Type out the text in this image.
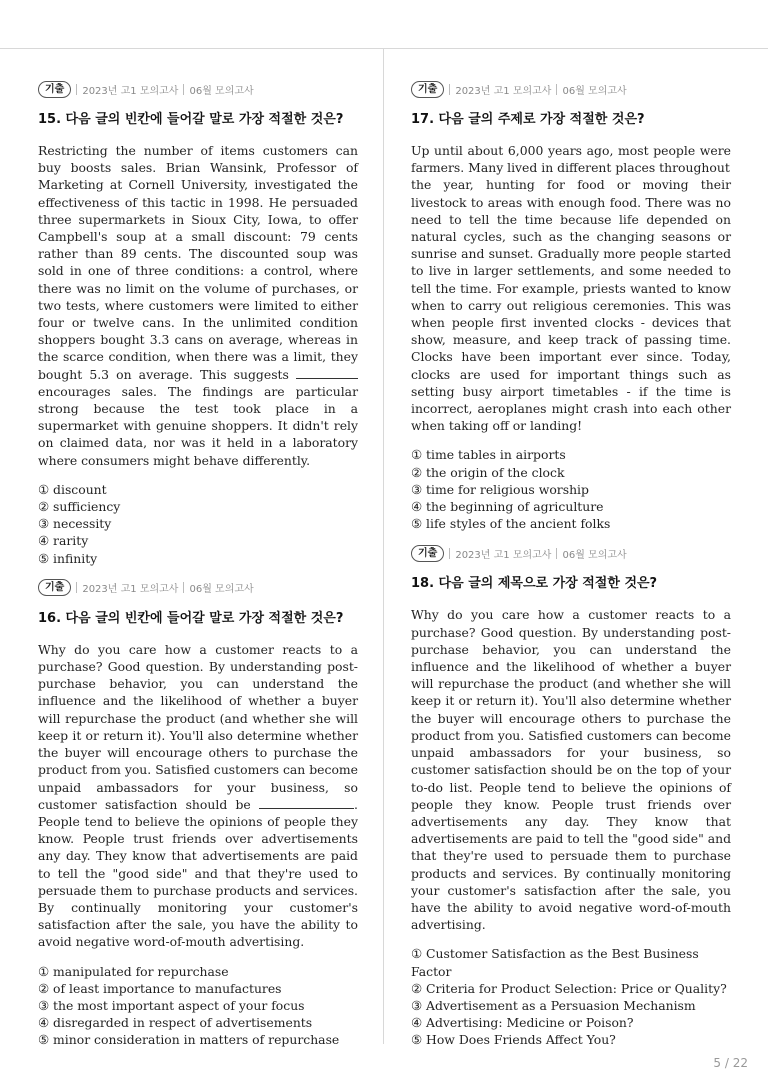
기출	2023년 고1 모의고사 06월 모의고사
15. 다음 글의 빈칸에 들어갈 말로 가장 적절한 것은?
Restricting the number of items customers can buy boosts sales. Brian Wansink, Professor of Marketing at Cornell University, investigated the effectiveness of this tactic in 1998. He persuaded three supermarkets in Sioux City, Iowa, to offer Campbell's soup at a small discount: 79 cents rather than 89 cents. The discounted soup was sold in one of three conditions: a control, where there was no limit on the volume of purchases, or two tests, where customers were limited to either four or twelve cans. In the unlimited condition shoppers bought 3.3 cans on average, whereas in the scarce condition, when there was a limit, they bought 5.3 on average. This suggests  encourages sales. The findings are particular strong because the test took place in a supermarket with genuine shoppers. It didn't rely on claimed data, nor was it held in a laboratory where consumers might behave differently.
① discount
② sufficiency
③ necessity
④ rarity
⑤ infinity
기출	2023년 고1 모의고사 06월 모의고사
16. 다음 글의 빈칸에 들어갈 말로 가장 적절한 것은?
Why do you care how a customer reacts to a purchase? Good question. By understanding post-purchase behavior, you can understand the influence and the likelihood of whether a buyer will repurchase the product (and whether she will keep it or return it). You'll also determine whether the buyer will encourage others to purchase the product from you. Satisfied customers can become unpaid ambassadors for your business, so customer satisfaction should be	. People tend to believe the opinions of people they know. People trust friends over advertisements any day. They know that advertisements are paid to tell the "good side" and that they're used to persuade them to purchase products and services. By continually monitoring your customer's satisfaction after the sale, you have the ability to avoid negative word-of-mouth advertising.
① manipulated for repurchase
② of least importance to manufactures
③ the most important aspect of your focus
④ disregarded in respect of advertisements
⑤ minor consideration in matters of repurchase
기출	2023년 고1 모의고사 06월 모의고사
17. 다음 글의 주제로 가장 적절한 것은?
Up until about 6,000 years ago, most people were farmers. Many lived in different places throughout
the year, hunting for food or moving their livestock to areas with enough food. There was no need to tell the time because life depended on natural cycles, such as the changing seasons or sunrise and sunset. Gradually more people started to live in larger settlements, and some needed to tell the time. For example, priests wanted to know when to carry out religious ceremonies. This was when people first invented clocks - devices that show, measure, and keep track of passing time. Clocks have been important ever since. Today, clocks are used for important things such as setting busy airport timetables - if the time is incorrect, aeroplanes might crash into each other when taking off or landing!
① time tables in airports
② the origin of the clock
③ time for religious worship
④ the beginning of agriculture
⑤ life styles of the ancient folks
기출	2023년 고1 모의고사 06월 모의고사
18. 다음 글의 제목으로 가장 적절한 것은?
Why do you care how a customer reacts to a purchase? Good question. By understanding post-purchase behavior, you can understand the influence and the likelihood of whether a buyer will repurchase the product (and whether she will keep it or return it). You'll also determine whether the buyer will encourage others to purchase the product from you. Satisfied customers can become unpaid ambassadors for your business, so customer satisfaction should be on the top of your to-do list. People tend to believe the opinions of people they know. People trust friends over advertisements any day. They know that advertisements are paid to tell the "good side" and that they're used to persuade them to purchase products and services. By continually monitoring your customer's satisfaction after the sale, you have the ability to avoid negative word-of-mouth advertising.
① Customer Satisfaction as the Best Business Factor
② Criteria for Product Selection: Price or Quality?
③ Advertisement as a Persuasion Mechanism
④ Advertising: Medicine or Poison?
⑤ How Does Friends Affect You?
5 / 22
